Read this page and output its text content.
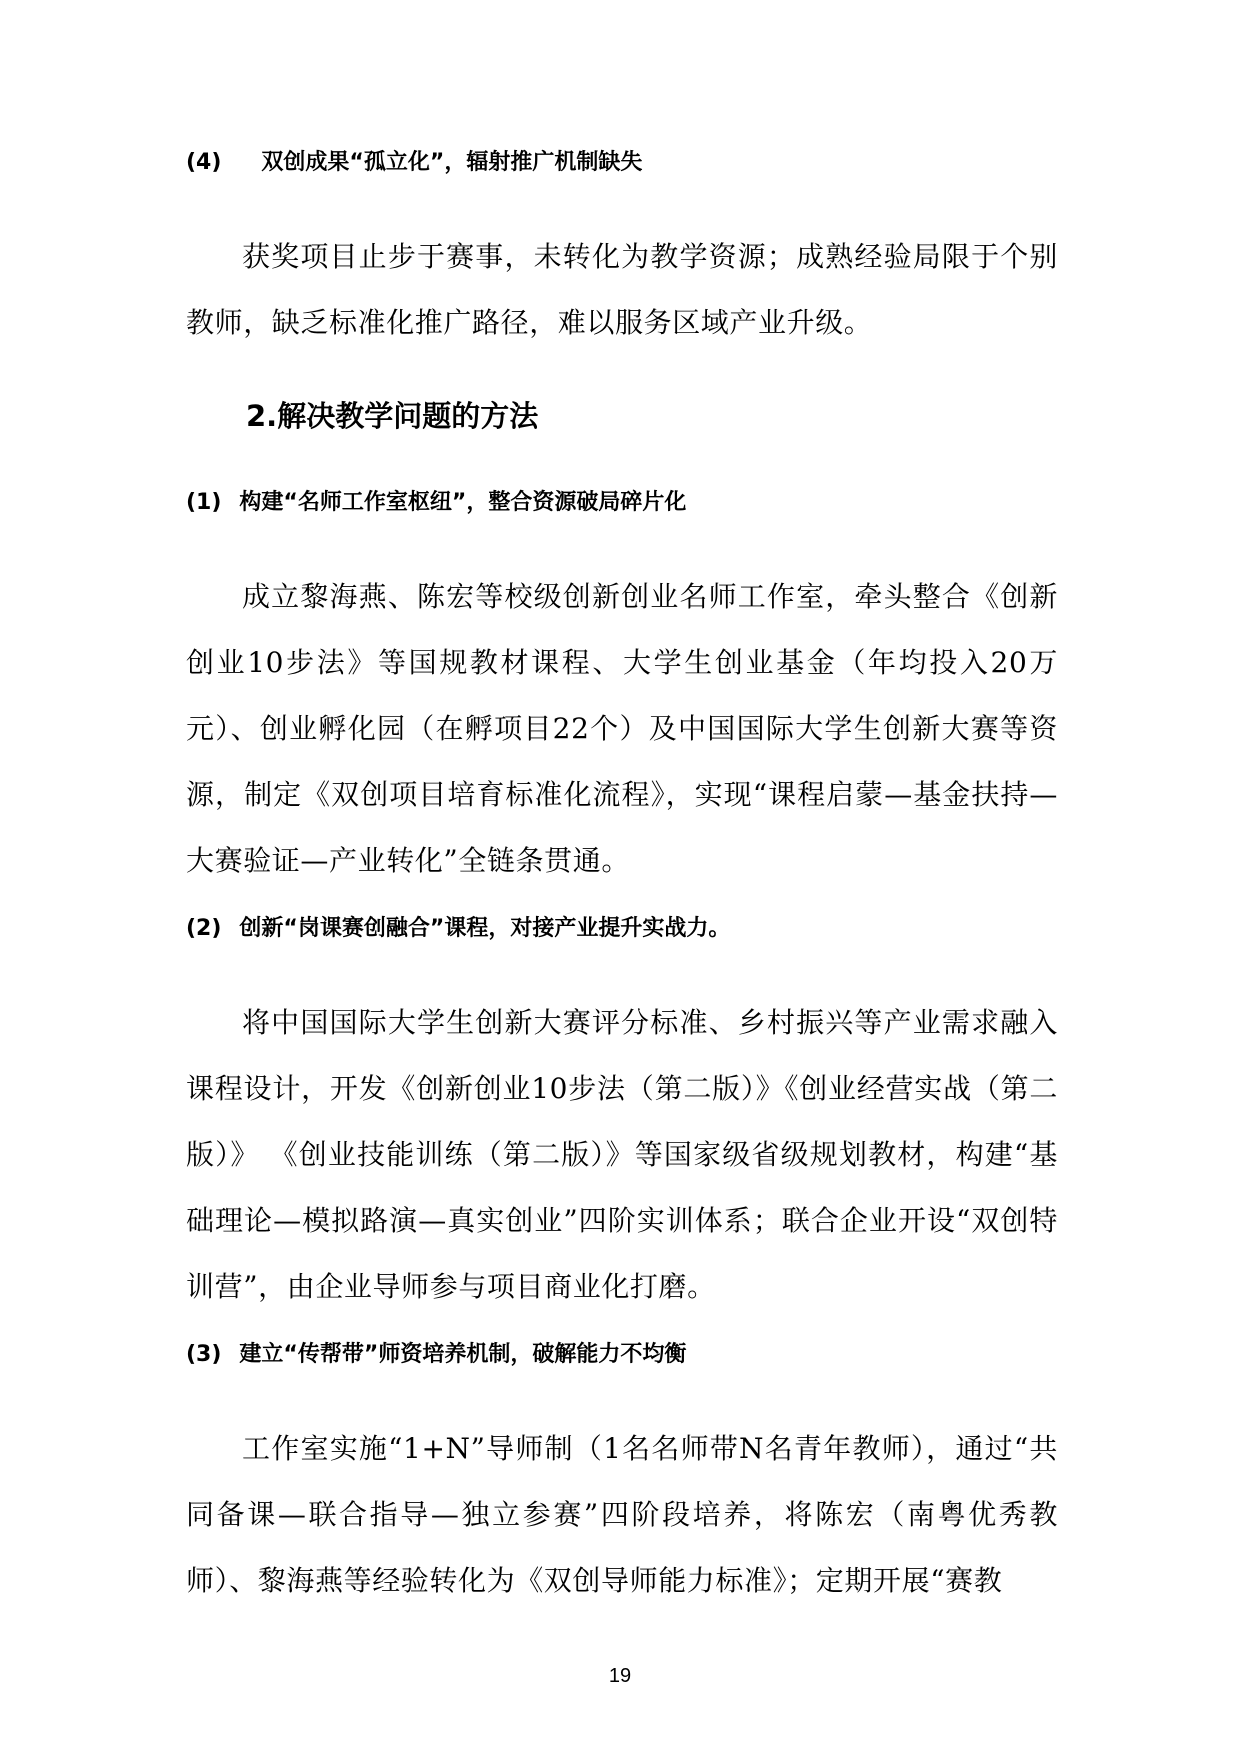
(4) 双创成果“孤立化”，辐射推广机制缺失
获奖项目止步于赛事，未转化为教学资源；成熟经验局限于个别教师，缺乏标准化推广路径，难以服务区域产业升级。
2.解决教学问题的方法
(1) 构建“名师工作室枢纽”，整合资源破局碎片化
成立黎海燕、陈宏等校级创新创业名师工作室，牵头整合《创新创业10步法》等国规教材课程、大学生创业基金（年均投入20万元）、创业孵化园（在孵项目22个）及中国国际大学生创新大赛等资源，制定《双创项目培育标准化流程》，实现“课程启蒙—基金扶持—大赛验证—产业转化”全链条贯通。
(2) 创新“岗课赛创融合”课程，对接产业提升实战力。
将中国国际大学生创新大赛评分标准、乡村振兴等产业需求融入课程设计，开发《创新创业10步法（第二版）》《创业经营实战（第二版）》 《创业技能训练（第二版）》等国家级省级规划教材，构建“基础理论—模拟路演—真实创业”四阶实训体系；联合企业开设“双创特训营”，由企业导师参与项目商业化打磨。
(3) 建立“传帮带”师资培养机制，破解能力不均衡
工作室实施“1+N”导师制（1名名师带N名青年教师），通过“共同备课—联合指导—独立参赛”四阶段培养，将陈宏（南粤优秀教师）、黎海燕等经验转化为《双创导师能力标准》；定期开展“赛教
19
